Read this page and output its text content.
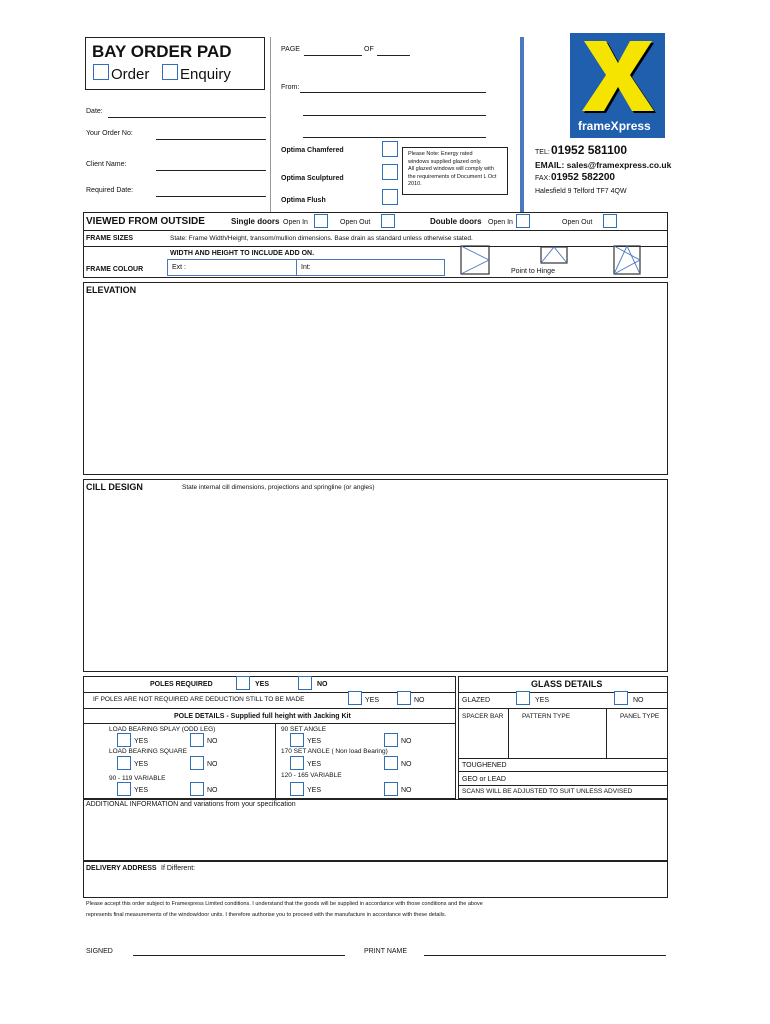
BAY ORDER PAD
Order Enquiry
PAGE	OF
From:
Date:
Your Order No:
Client Name:
Required Date:
Optima Chamfered
Optima Sculptured
Optima Flush
Please Note: Energy rated
windows supplied glazed only.
All glazed windows will comply with
the requirements of Document L Oct
2010.
frameXpress
TEL: 01952 581100
EMAIL: sales@framexpress.co.uk
FAX: 01952 582200
Halesfield 9 Telford TF7 4QW
VIEWED FROM OUTSIDE	Single doors Open In	Open Out	Double doors Open In	Open Out
FRAME SIZES	State: Frame Width/Height, transom/mullion dimensions. Base drain as standard unless otherwise stated.
WIDTH AND HEIGHT TO INCLUDE ADD ON.
FRAME COLOUR	Ext :	Int:
Point to Hinge
ELEVATION
CILL DESIGN	State internal cill dimensions, projections and springline (or angles)
POLES REQUIRED	YES	NO
IF POLES ARE NOT REQUIRED ARE DEDUCTION STILL TO BE MADE	YES	NO
POLE DETAILS - Supplied full height with Jacking Kit
LOAD BEARING SPLAY (ODD LEG)
YES	NO
LOAD BEARING SQUARE
YES	NO
90 - 119 VARIABLE
YES	NO
90 SET ANGLE
YES	NO
170 SET ANGLE ( Non load Bearing)
YES	NO
120 - 165 VARIABLE
YES	NO
GLASS DETAILS
GLAZED	YES	NO
SPACER BAR	PATTERN TYPE	PANEL TYPE
TOUGHENED
GEO or LEAD
SCANS WILL BE ADJUSTED TO SUIT UNLESS ADVISED
ADDITIONAL INFORMATION and variations from your specification
DELIVERY ADDRESS If Different:
Please accept this order subject to Framexpress Limited conditions. I understand that the goods will be supplied in accordance with those conditions and the above
represents final measurements of the window/door units. I therefore authorise you to proceed with the manufacture in accordance with these details.
SIGNED	PRINT NAME
